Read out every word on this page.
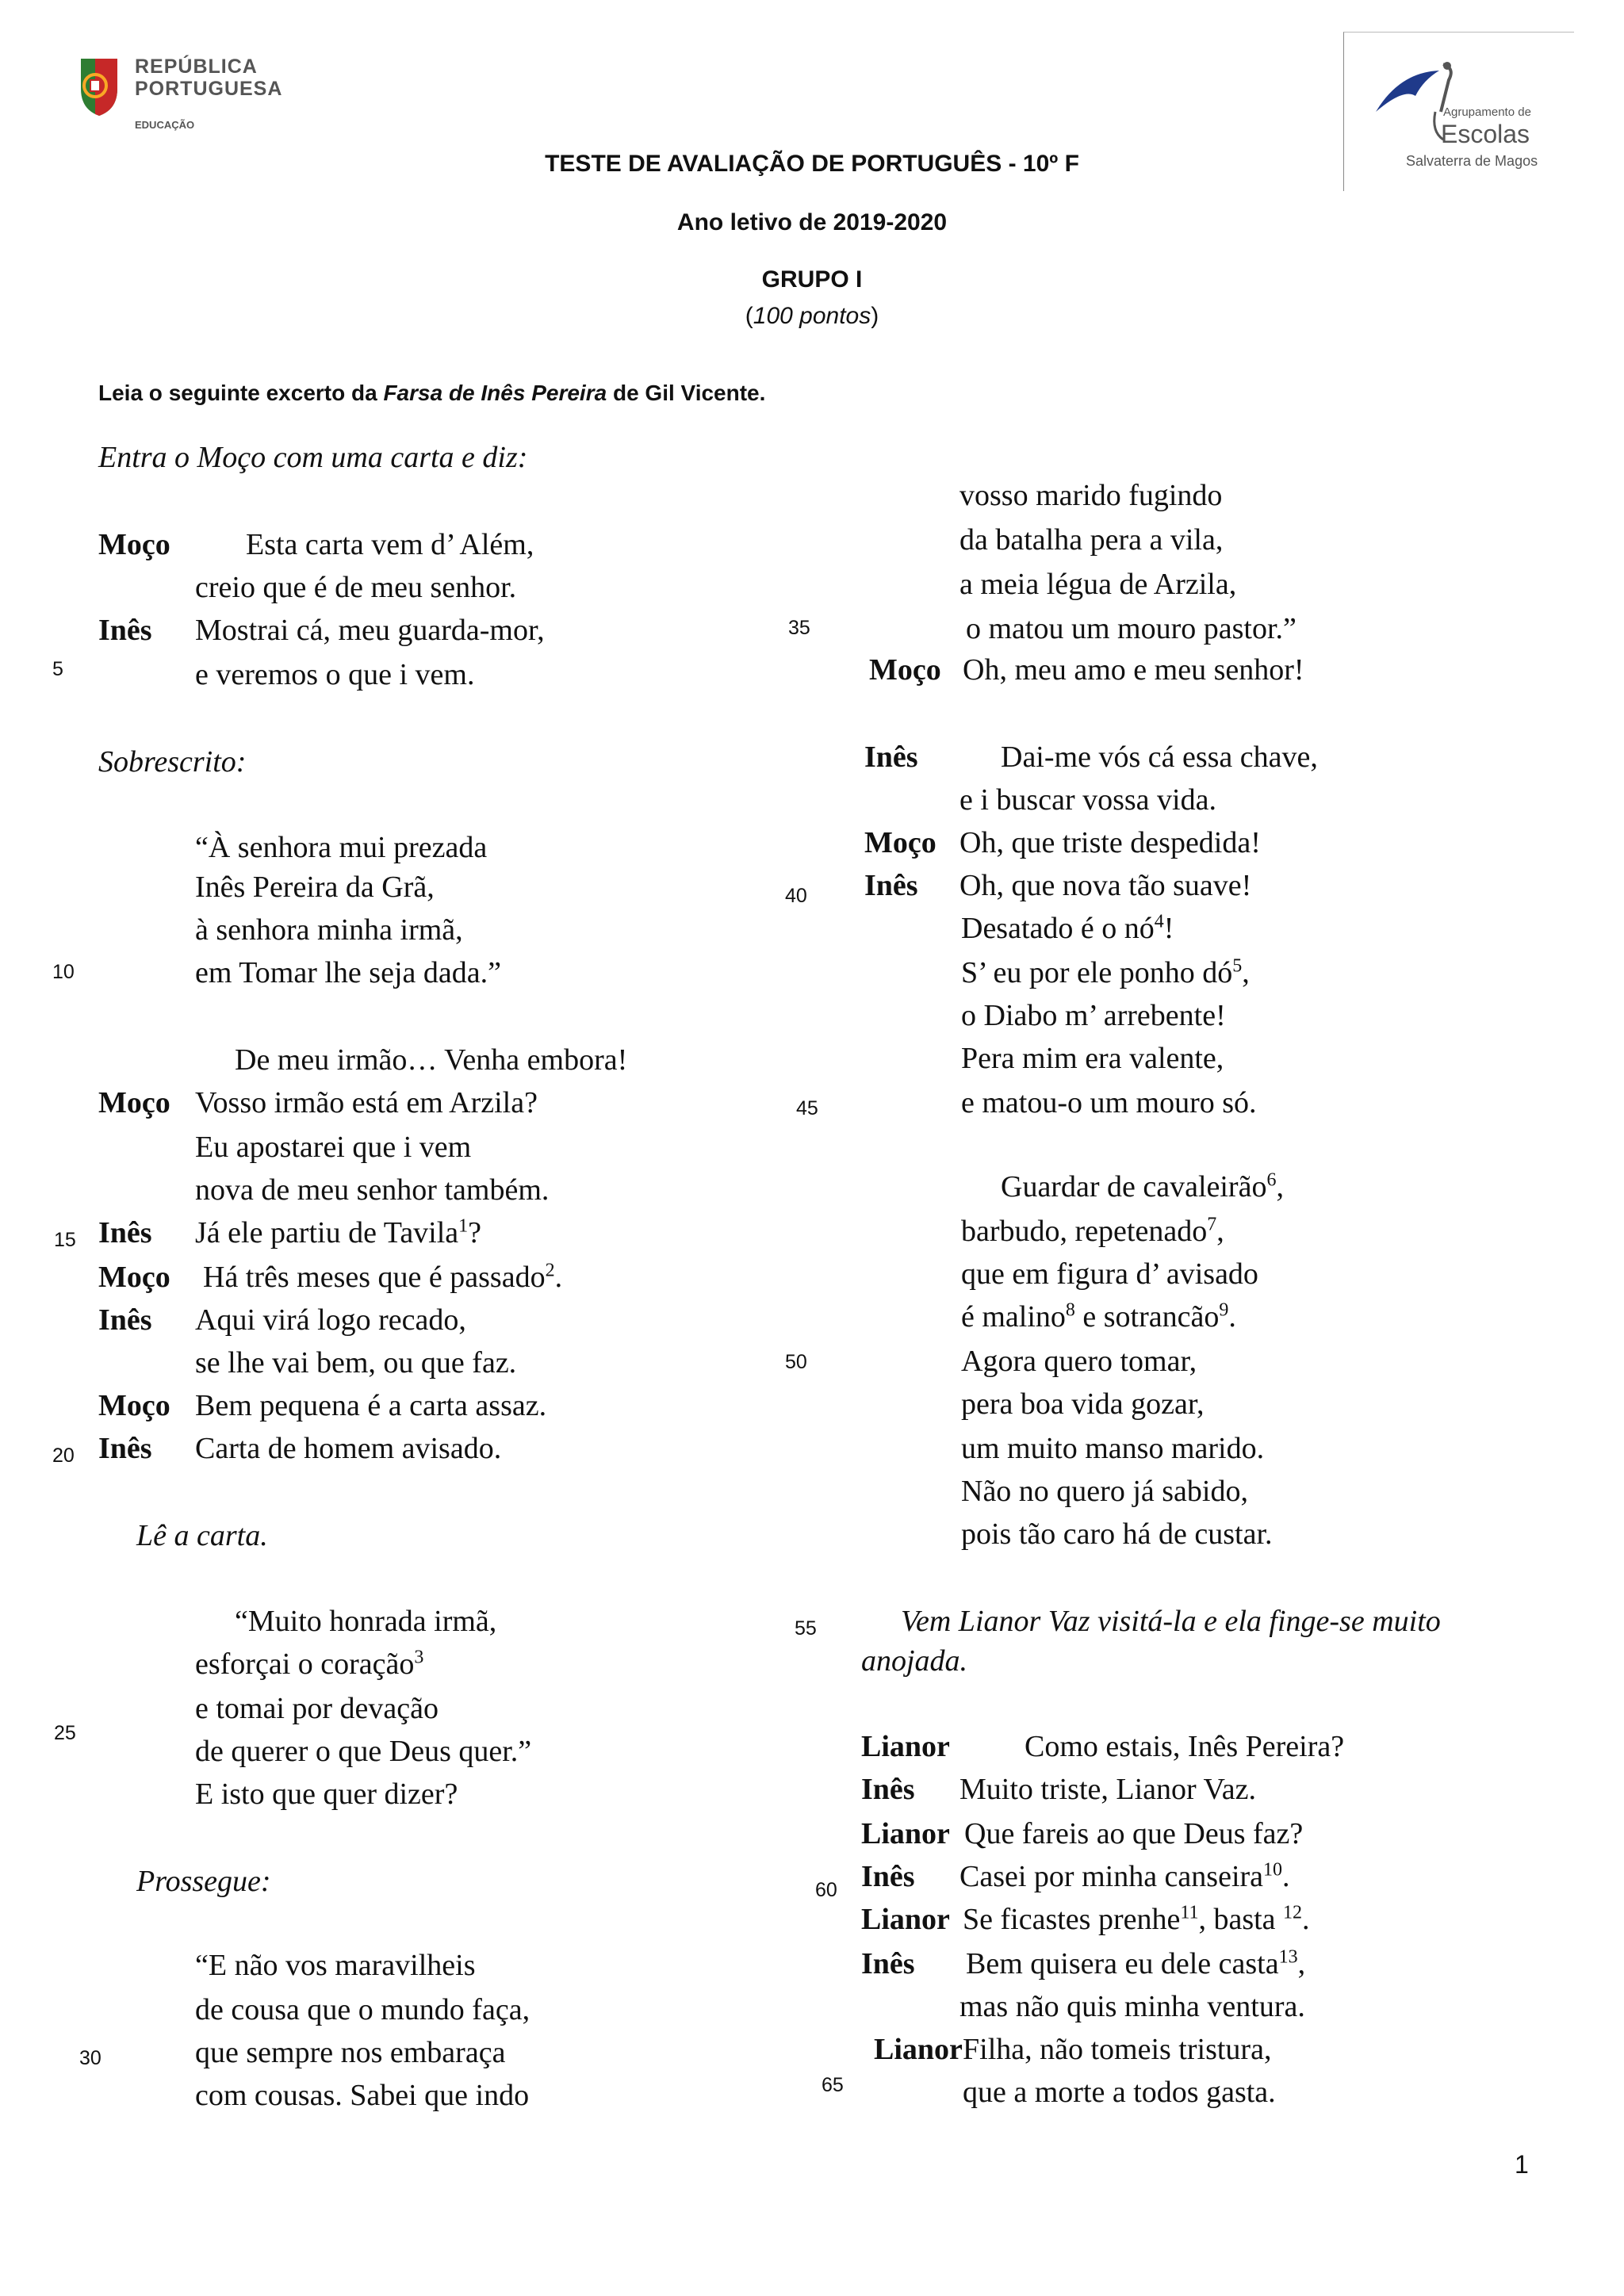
REPÚBLICA
PORTUGUESA
EDUCAÇÃO
Agrupamento de
Escolas
Salvaterra de Magos
TESTE DE AVALIAÇÃO DE PORTUGUÊS - 10º F
Ano letivo de 2019-2020
GRUPO I
(100 pontos)
Leia o seguinte excerto da Farsa de Inês Pereira de Gil Vicente.
Entra o Moço com uma carta e diz:
Moço	Esta carta vem d’ Além,
creio que é de meu senhor.
Inês Mostrai cá, meu guarda-mor,
e veremos o que i vem.
Sobrescrito:
“À senhora mui prezada
Inês Pereira da Grã,
à senhora minha irmã,
em Tomar lhe seja dada.”
De meu irmão… Venha embora!
Moço Vosso irmão está em Arzila?
Eu apostarei que i vem
nova de meu senhor também.
Inês Já ele partiu de Tavila$^1$?
Moço Há três meses que é passado$^2$.
Inês Aqui virá logo recado,
se lhe vai bem, ou que faz.
Moço Bem pequena é a carta assaz.
Inês Carta de homem avisado.
Lê a carta.
“Muito honrada irmã,
esforçai o coração$^3$
e tomai por devação
de querer o que Deus quer.”
E isto que quer dizer?
Prossegue:
“E não vos maravilheis
de cousa que o mundo faça,
que sempre nos embaraça
com cousas. Sabei que indo
vosso marido fugindo
da batalha pera a vila,
a meia légua de Arzila,
o matou um mouro pastor.”
Moço Oh, meu amo e meu senhor!
Inês	Dai-me vós cá essa chave,
e i buscar vossa vida.
Moço Oh, que triste despedida!
Inês Oh, que nova tão suave!
Desatado é o $nó^4$!
S’ eu por ele ponho $dó^5$,
o Diabo m’ arrebente!
Pera mim era valente,
e matou-o um mouro só.
Guardar de cavaleirão$^6$,
barbudo, repetenado$^7$,
que em figura d’ avisado
é malino$^8$ e sotrancão$^9$.
Agora quero tomar,
pera boa vida gozar,
um muito manso marido.
Não no quero já sabido,
pois tão caro há de custar.
Vem Lianor Vaz visitá-la e ela finge-se muito
anojada.
Lianor Como estais, Inês Pereira?
Inês Muito triste, Lianor Vaz.
Lianor Que fareis ao que Deus faz?
Inês Casei por minha canseira$^{10}$.
Lianor Se ficastes prenhe$^{11}$, basta $^{12}$.
Inês Bem quisera eu dele casta$^{13}$,
mas não quis minha ventura.
Lianor Filha, não tomeis tristura,
que a morte a todos gasta.
5
10
15
20
25
30
35
40
45
50
55
60
65
1
